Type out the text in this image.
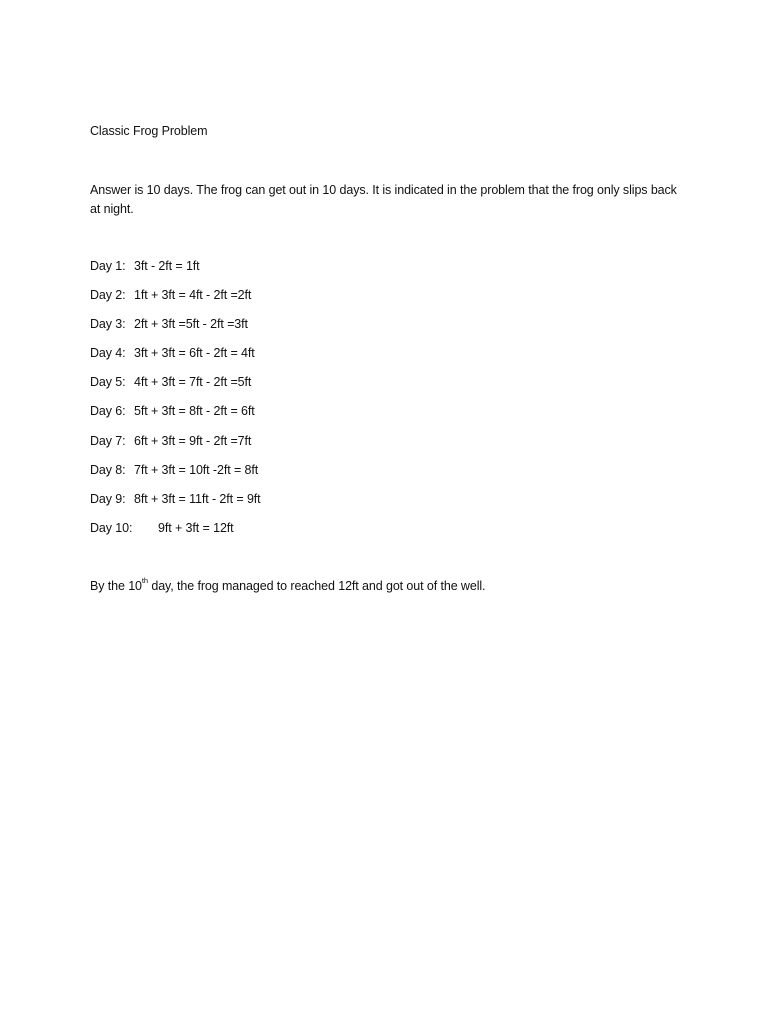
Classic Frog Problem
Answer is 10 days. The frog can get out in 10 days. It is indicated in the problem that the frog only slips back at night.
Day 1: 3ft - 2ft = 1ft
Day 2: 1ft + 3ft = 4ft - 2ft =2ft
Day 3: 2ft + 3ft =5ft - 2ft =3ft
Day 4: 3ft + 3ft = 6ft - 2ft = 4ft
Day 5: 4ft + 3ft = 7ft - 2ft =5ft
Day 6: 5ft + 3ft = 8ft - 2ft = 6ft
Day 7: 6ft + 3ft = 9ft - 2ft =7ft
Day 8: 7ft + 3ft = 10ft -2ft = 8ft
Day 9: 8ft + 3ft = 11ft - 2ft = 9ft
Day 10: 9ft + 3ft = 12ft
By the 10th day, the frog managed to reached 12ft and got out of the well.
